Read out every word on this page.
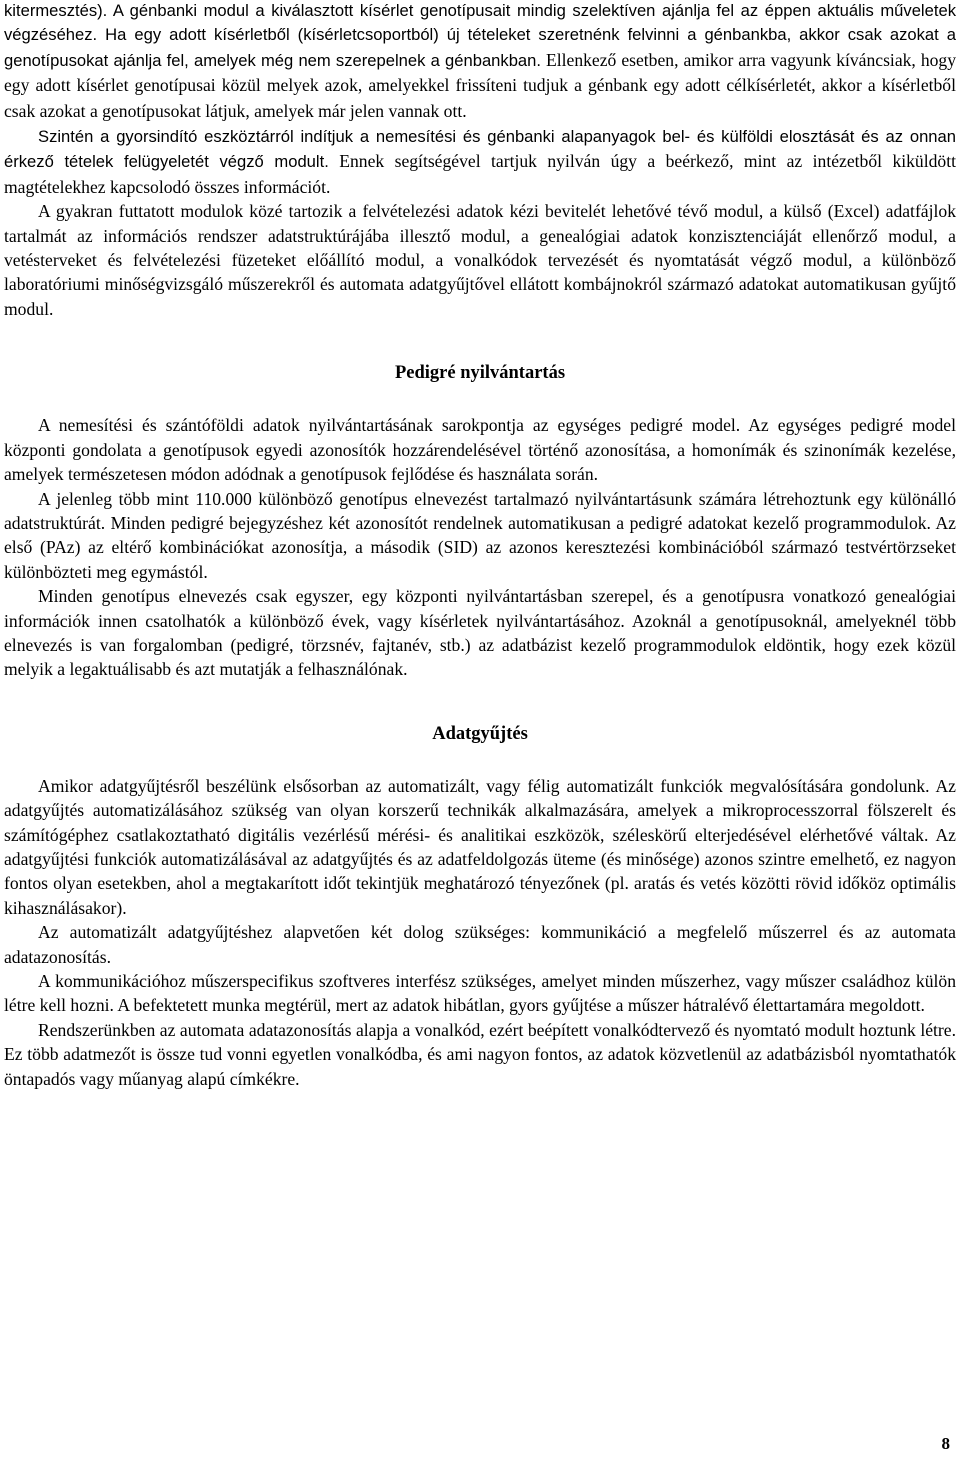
kitermesztés). A génbanki modul a kiválasztott kísérlet genotípusait mindig szelektíven ajánlja fel az éppen aktuális műveletek végzéséhez. Ha egy adott kísérletből (kísérletcsoportból) új tételeket szeretnénk felvinni a génbankba, akkor csak azokat a genotípusokat ajánlja fel, amelyek még nem szerepelnek a génbankban. Ellenkező esetben, amikor arra vagyunk kíváncsiak, hogy egy adott kísérlet genotípusai közül melyek azok, amelyekkel frissíteni tudjuk a génbank egy adott célkísérletét, akkor a kísérletből csak azokat a genotípusokat látjuk, amelyek már jelen vannak ott.

Szintén a gyorsindító eszköztárról indítjuk a nemesítési és génbanki alapanyagok bel- és külföldi elosztását és az onnan érkező tételek felügyeletét végző modult. Ennek segítségével tartjuk nyilván úgy a beérkező, mint az intézetből kiküldött magtételekhez kapcsolodó összes információt.

A gyakran futtatott modulok közé tartozik a felvételezési adatok kézi bevitelét lehetővé tévő modul, a külső (Excel) adatfájlok tartalmát az információs rendszer adatstruktúrájába illesztő modul, a genealógiai adatok konzisztenciáját ellenőrző modul, a vetésterveket és felvételezési füzeteket előállító modul, a vonalkódok tervezését és nyomtatását végző modul, a különböző laboratóriumi minőségvizsgáló műszerekről és automata adatgyűjtővel ellátott kombájnokról származó adatokat automatikusan gyűjtő modul.

Pedigré nyilvántartás

A nemesítési és szántóföldi adatok nyilvántartásának sarokpontja az egységes pedigré model. Az egységes pedigré model központi gondolata a genotípusok egyedi azonosítók hozzárendelésével történő azonosítása, a homonímák és szinonímák kezelése, amelyek természetesen módon adódnak a genotípusok fejlődése és használata során.

A jelenleg több mint 110.000 különböző genotípus elnevezést tartalmazó nyilvántartásunk számára létrehoztunk egy különálló adatstruktúrát. Minden pedigré bejegyzéshez két azonosítót rendelnek automatikusan a pedigré adatokat kezelő programmodulok. Az első (PAz) az eltérő kombinációkat azonosítja, a második (SID) az azonos keresztezési kombinációból származó testvértörzseket különbözteti meg egymástól.

Minden genotípus elnevezés csak egyszer, egy központi nyilvántartásban szerepel, és a genotípusra vonatkozó genealógiai információk innen csatolhatók a különböző évek, vagy kísérletek nyilvántartásához. Azoknál a genotípusoknál, amelyeknél több elnevezés is van forgalomban (pedigré, törzsnév, fajtanév, stb.) az adatbázist kezelő programmodulok eldöntik, hogy ezek közül melyik a legaktuálisabb és azt mutatják a felhasználónak.

Adatgyűjtés

Amikor adatgyűjtésről beszélünk elsősorban az automatizált, vagy félig automatizált funkciók megvalósítására gondolunk. Az adatgyűjtés automatizálásához szükség van olyan korszerű technikák alkalmazására, amelyek a mikroprocesszorral fölszerelt és számítógéphez csatlakoztatható digitális vezérlésű mérési- és analitikai eszközök, széleskörű elterjedésével elérhetővé váltak. Az adatgyűjtési funkciók automatizálásával az adatgyűjtés és az adatfeldolgozás üteme (és minősége) azonos szintre emelhető, ez nagyon fontos olyan esetekben, ahol a megtakarított időt tekintjük meghatározó tényezőnek (pl. aratás és vetés közötti rövid időköz optimális kihasználásakor).

Az automatizált adatgyűjtéshez alapvetően két dolog szükséges: kommunikáció a megfelelő műszerrel és az automata adatazonosítás.

A kommunikációhoz műszerspecifikus szoftveres interfész szükséges, amelyet minden műszerhez, vagy műszer családhoz külön létre kell hozni. A befektetett munka megtérül, mert az adatok hibátlan, gyors gyűjtése a műszer hátralévő élettartamára megoldott.

Rendszerünkben az automata adatazonosítás alapja a vonalkód, ezért beépített vonalkódtervező és nyomtató modult hoztunk létre. Ez több adatmezőt is össze tud vonni egyetlen vonalkódba, és ami nagyon fontos, az adatok közvetlenül az adatbázisból nyomtathatók öntapadós vagy műanyag alapú címkékre.

8
